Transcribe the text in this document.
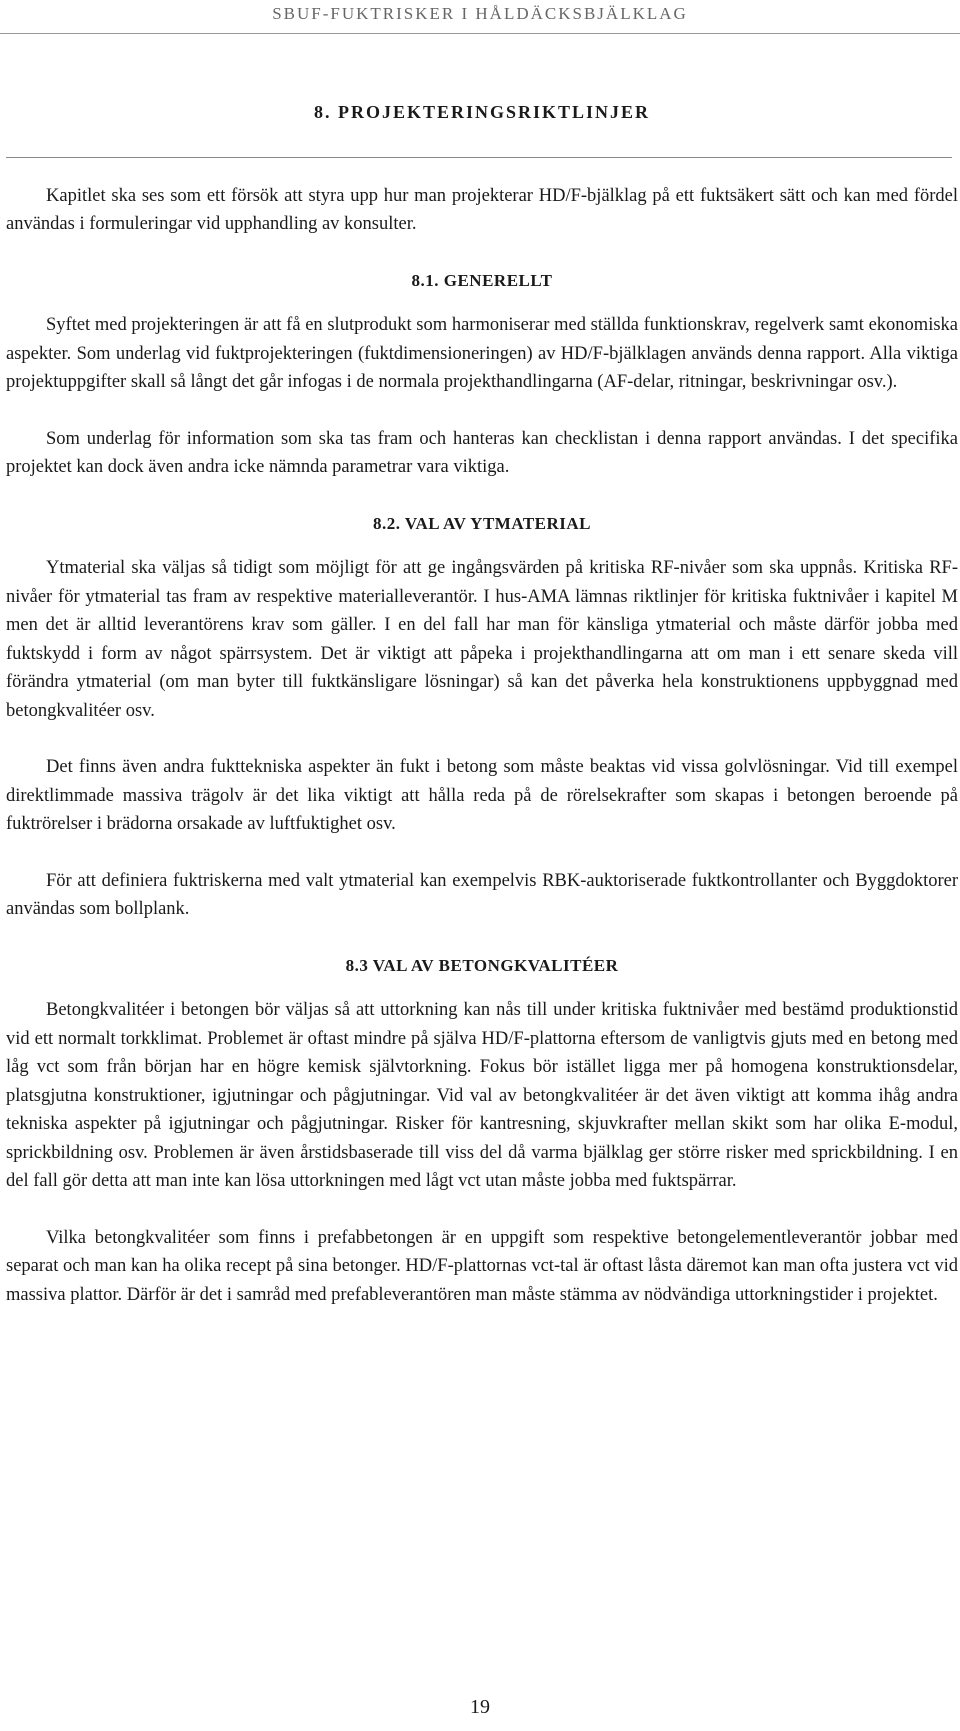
SBUF-FUKTRISKER I HÅLDÄCKSBJÄLKLAG
8. PROJEKTERINGSRIKTLINJER

Kapitlet ska ses som ett försök att styra upp hur man projekterar HD/F-bjälklag på ett fuktsäkert sätt och kan med fördel användas i formuleringar vid upphandling av konsulter.

8.1. GENERELLT

Syftet med projekteringen är att få en slutprodukt som harmoniserar med ställda funktionskrav, regelverk samt ekonomiska aspekter. Som underlag vid fuktprojekteringen (fuktdimensioneringen) av HD/F-bjälklagen används denna rapport. Alla viktiga projektuppgifter skall så långt det går infogas i de normala projekthandlingarna (AF-delar, ritningar, beskrivningar osv.).

Som underlag för information som ska tas fram och hanteras kan checklistan i denna rapport användas. I det specifika projektet kan dock även andra icke nämnda parametrar vara viktiga.

8.2. VAL AV YTMATERIAL

Ytmaterial ska väljas så tidigt som möjligt för att ge ingångsvärden på kritiska RF-nivåer som ska uppnås. Kritiska RF-nivåer för ytmaterial tas fram av respektive materialleverantör. I hus-AMA lämnas riktlinjer för kritiska fuktnivåer i kapitel M men det är alltid leverantörens krav som gäller. I en del fall har man för känsliga ytmaterial och måste därför jobba med fuktskydd i form av något spärrsystem. Det är viktigt att påpeka i projekthandlingarna att om man i ett senare skeda vill förändra ytmaterial (om man byter till fuktkänsligare lösningar) så kan det påverka hela konstruktionens uppbyggnad med betongkvalitéer osv.

Det finns även andra fukttekniska aspekter än fukt i betong som måste beaktas vid vissa golvlösningar. Vid till exempel direktlimmade massiva trägolv är det lika viktigt att hålla reda på de rörelsekrafter som skapas i betongen beroende på fuktrörelser i brädorna orsakade av luftfuktighet osv.

För att definiera fuktriskerna med valt ytmaterial kan exempelvis RBK-auktoriserade fuktkontrollanter och Byggdoktorer användas som bollplank.

8.3 VAL AV BETONGKVALITÉER

Betongkvalitéer i betongen bör väljas så att uttorkning kan nås till under kritiska fuktnivåer med bestämd produktionstid vid ett normalt torkklimat. Problemet är oftast mindre på själva HD/F-plattorna eftersom de vanligtvis gjuts med en betong med låg vct som från början har en högre kemisk självtorkning. Fokus bör istället ligga mer på homogena konstruktionsdelar, platsgjutna konstruktioner, igjutningar och pågjutningar. Vid val av betongkvalitéer är det även viktigt att komma ihåg andra tekniska aspekter på igjutningar och pågjutningar. Risker för kantresning, skjuvkrafter mellan skikt som har olika E-modul, sprickbildning osv. Problemen är även årstidsbaserade till viss del då varma bjälklag ger större risker med sprickbildning. I en del fall gör detta att man inte kan lösa uttorkningen med lågt vct utan måste jobba med fuktspärrar.

Vilka betongkvalitéer som finns i prefabbetongen är en uppgift som respektive betongelementleverantör jobbar med separat och man kan ha olika recept på sina betonger. HD/F-plattornas vct-tal är oftast låsta däremot kan man ofta justera vct vid massiva plattor. Därför är det i samråd med prefableverantören man måste stämma av nödvändiga uttorkningstider i projektet.

19
